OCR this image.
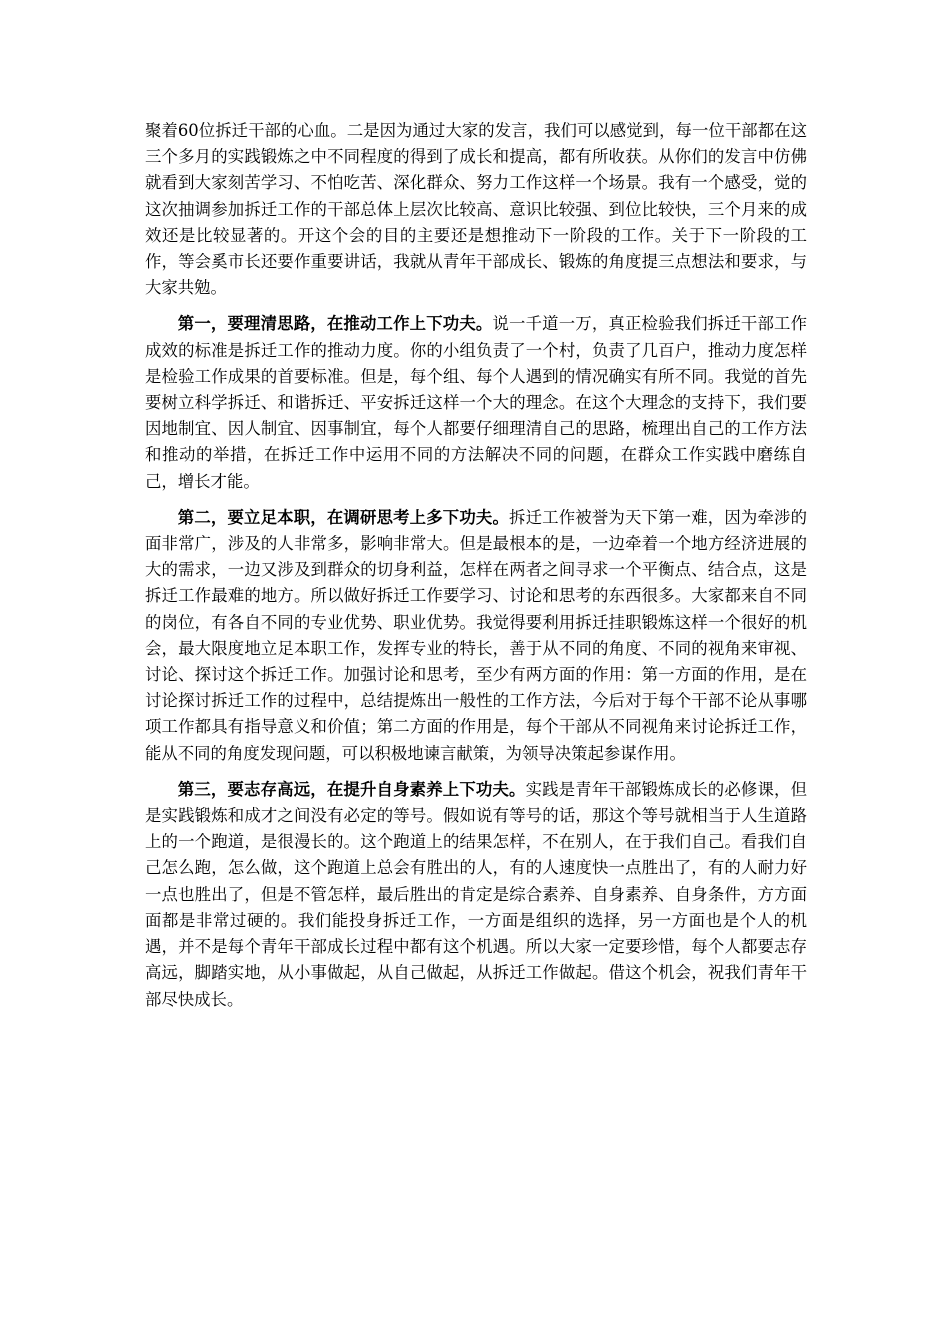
聚着60位拆迁干部的心血。二是因为通过大家的发言，我们可以感觉到，每一位干部都在这三个多月的实践锻炼之中不同程度的得到了成长和提高，都有所收获。从你们的发言中仿佛就看到大家刻苦学习、不怕吃苦、深化群众、努力工作这样一个场景。我有一个感受，觉的这次抽调参加拆迁工作的干部总体上层次比较高、意识比较强、到位比较快，三个月来的成效还是比较显著的。开这个会的目的主要还是想推动下一阶段的工作。关于下一阶段的工作，等会奚市长还要作重要讲话，我就从青年干部成长、锻炼的角度提三点想法和要求，与大家共勉。

第一，要理清思路，在推动工作上下功夫。说一千道一万，真正检验我们拆迁干部工作成效的标准是拆迁工作的推动力度。你的小组负责了一个村，负责了几百户，推动力度怎样是检验工作成果的首要标准。但是，每个组、每个人遇到的情况确实有所不同。我觉的首先要树立科学拆迁、和谐拆迁、平安拆迁这样一个大的理念。在这个大理念的支持下，我们要因地制宜、因人制宜、因事制宜，每个人都要仔细理清自己的思路，梳理出自己的工作方法和推动的举措，在拆迁工作中运用不同的方法解决不同的问题，在群众工作实践中磨练自己，增长才能。

第二，要立足本职，在调研思考上多下功夫。拆迁工作被誉为天下第一难，因为牵涉的面非常广，涉及的人非常多，影响非常大。但是最根本的是，一边牵着一个地方经济进展的大的需求，一边又涉及到群众的切身利益，怎样在两者之间寻求一个平衡点、结合点，这是拆迁工作最难的地方。所以做好拆迁工作要学习、讨论和思考的东西很多。大家都来自不同的岗位，有各自不同的专业优势、职业优势。我觉得要利用拆迁挂职锻炼这样一个很好的机会，最大限度地立足本职工作，发挥专业的特长，善于从不同的角度、不同的视角来审视、讨论、探讨这个拆迁工作。加强讨论和思考，至少有两方面的作用：第一方面的作用，是在讨论探讨拆迁工作的过程中，总结提炼出一般性的工作方法，今后对于每个干部不论从事哪项工作都具有指导意义和价值；第二方面的作用是，每个干部从不同视角来讨论拆迁工作，能从不同的角度发现问题，可以积极地谏言献策，为领导决策起参谋作用。

第三，要志存高远，在提升自身素养上下功夫。实践是青年干部锻炼成长的必修课，但是实践锻炼和成才之间没有必定的等号。假如说有等号的话，那这个等号就相当于人生道路上的一个跑道，是很漫长的。这个跑道上的结果怎样，不在别人，在于我们自己。看我们自己怎么跑，怎么做，这个跑道上总会有胜出的人，有的人速度快一点胜出了，有的人耐力好一点也胜出了，但是不管怎样，最后胜出的肯定是综合素养、自身素养、自身条件，方方面面都是非常过硬的。我们能投身拆迁工作，一方面是组织的选择，另一方面也是个人的机遇，并不是每个青年干部成长过程中都有这个机遇。所以大家一定要珍惜，每个人都要志存高远，脚踏实地，从小事做起，从自己做起，从拆迁工作做起。借这个机会，祝我们青年干部尽快成长。
